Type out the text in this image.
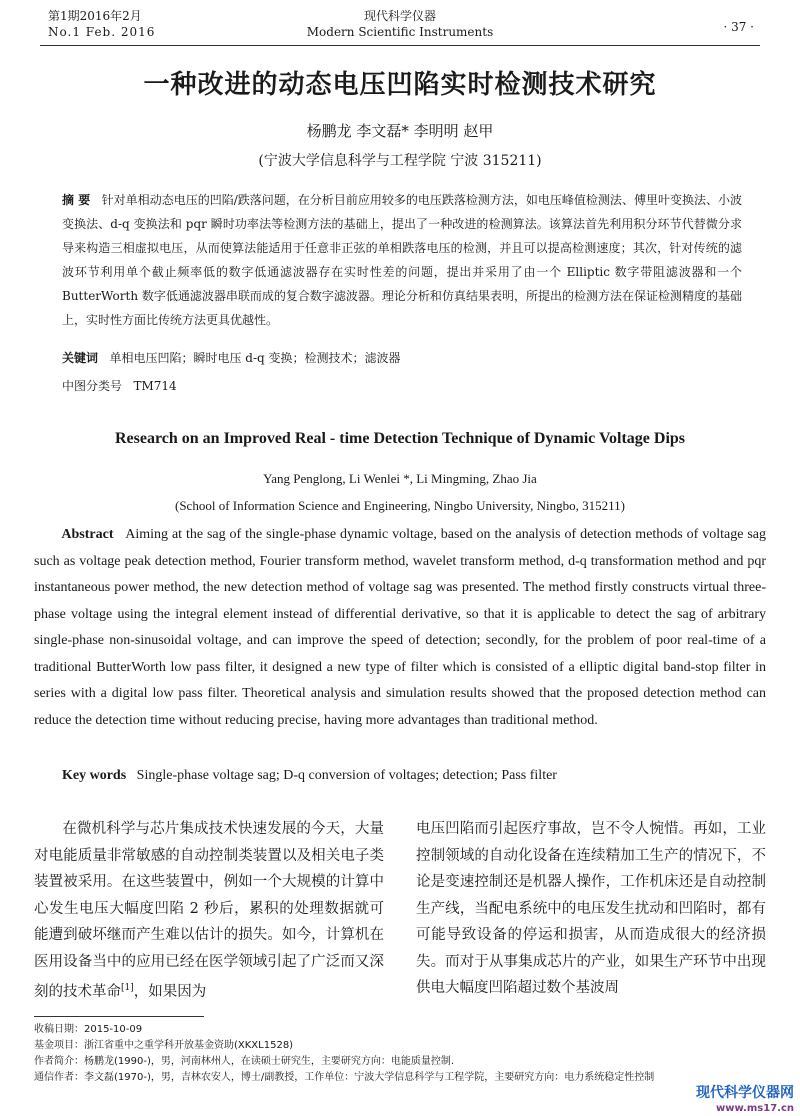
第1期2016年2月
No.1 Feb. 2016
现代科学仪器
Modern Scientific Instruments	· 37 ·
一种改进的动态电压凹陷实时检测技术研究
杨鹏龙 李文磊* 李明明 赵甲
(宁波大学信息科学与工程学院 宁波 315211)
摘 要 针对单相动态电压的凹陷/跌落问题，在分析目前应用较多的电压跌落检测方法，如电压峰值检测法、傅里叶变换法、小波变换法、d-q 变换法和 pqr 瞬时功率法等检测方法的基础上，提出了一种改进的检测算法。该算法首先利用积分环节代替微分求导来构造三相虚拟电压，从而使算法能适用于任意非正弦的单相跌落电压的检测，并且可以提高检测速度；其次，针对传统的滤波环节利用单个截止频率低的数字低通滤波器存在实时性差的问题，提出并采用了由一个 Elliptic 数字带阻滤波器和一个 ButterWorth 数字低通滤波器串联而成的复合数字滤波器。理论分析和仿真结果表明，所提出的检测方法在保证检测精度的基础上，实时性方面比传统方法更具优越性。
关键词 单相电压凹陷；瞬时电压 d-q 变换；检测技术；滤波器
中图分类号 TM714
Research on an Improved Real - time Detection Technique of Dynamic Voltage Dips
Yang Penglong, Li Wenlei *, Li Mingming, Zhao Jia
(School of Information Science and Engineering, Ningbo University, Ningbo, 315211)
Abstract Aiming at the sag of the single-phase dynamic voltage, based on the analysis of detection methods of voltage sag such as voltage peak detection method, Fourier transform method, wavelet transform method, d-q transformation method and pqr instantaneous power method, the new detection method of voltage sag was presented. The method firstly constructs virtual three-phase voltage using the integral element instead of differential derivative, so that it is applicable to detect the sag of arbitrary single-phase non-sinusoidal voltage, and can improve the speed of detection; secondly, for the problem of poor real-time of a traditional ButterWorth low pass filter, it designed a new type of filter which is consisted of a elliptic digital band-stop filter in series with a digital low pass filter. Theoretical analysis and simulation results showed that the proposed detection method can reduce the detection time without reducing precise, having more advantages than traditional method.
Key words Single-phase voltage sag; D-q conversion of voltages; detection; Pass filter
在微机科学与芯片集成技术快速发展的今天，大量对电能质量非常敏感的自动控制类装置以及相关电子类装置被采用。在这些装置中，例如一个大规模的计算中心发生电压大幅度凹陷 2 秒后，累积的处理数据就可能遭到破坏继而产生难以估计的损失。如今，计算机在医用设备当中的应用已经在医学领域引起了广泛而又深刻的技术革命[1]，如果因为
电压凹陷而引起医疗事故，岂不令人惋惜。再如，工业控制领域的自动化设备在连续精加工生产的情况下，不论是变速控制还是机器人操作，工作机床还是自动控制生产线，当配电系统中的电压发生扰动和凹陷时，都有可能导致设备的停运和损害，从而造成很大的经济损失。而对于从事集成芯片的产业，如果生产环节中出现供电大幅度凹陷超过数个基波周
收稿日期：2015-10-09
基金项目：浙江省重中之重学科开放基金资助(XKXL1528)
作者简介：杨鹏龙(1990-)，男，河南林州人，在读硕士研究生，主要研究方向：电能质量控制.
通信作者：李文磊(1970-)，男，吉林农安人，博士/副教授，工作单位：宁波大学信息科学与工程学院，主要研究方向：电力系统稳定性控制
现代科学仪器网
www.ms17.cn
